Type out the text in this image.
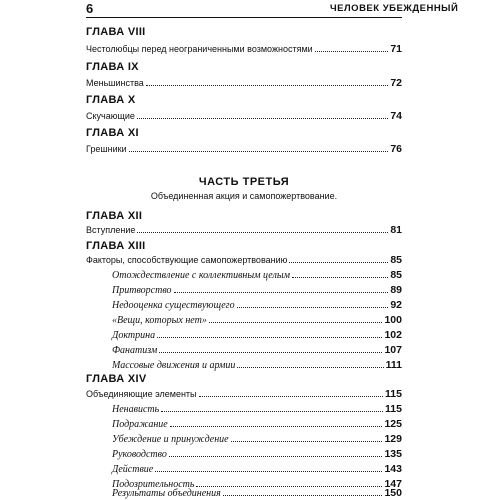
6	ЧЕЛОВЕК УБЕЖДЕННЫЙ
ГЛАВА VIII
Честолюбцы перед неограниченными возможностями	71
ГЛАВА IX
Меньшинства	72
ГЛАВА X
Скучающие	74
ГЛАВА XI
Грешники	76
ЧАСТЬ ТРЕТЬЯ
Объединенная акция и самопожертвование.
ГЛАВА XII
Вступление	81
ГЛАВА XIII
Факторы, способствующие самопожертвованию	85
Отождествление с коллективным целым	85
Притворство	89
Недооценка существующего	92
«Вещи, которых нет»	100
Доктрина	102
Фанатизм	107
Массовые движения и армии	111
ГЛАВА XIV
Объединяющие элементы	115
Ненависть	115
Подражание	125
Убеждение и принуждение	129
Руководство	135
Действие	143
Подозрительность	147
Результаты объединения	150
